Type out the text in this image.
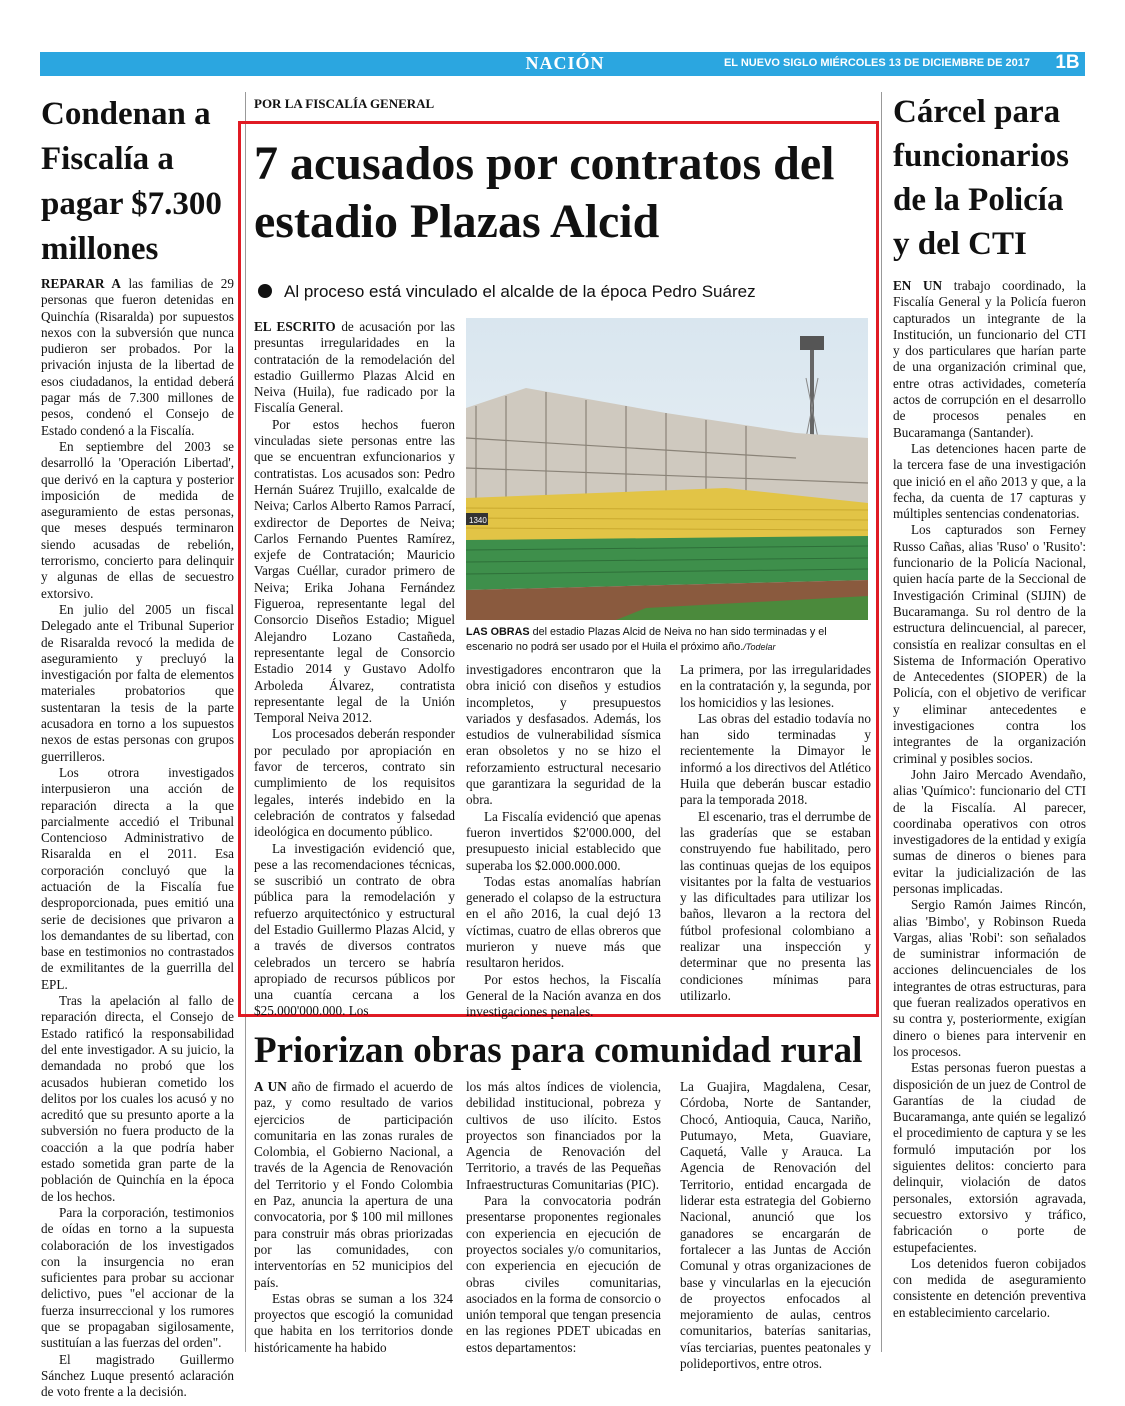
NACIÓN	EL NUEVO SIGLO MIÉRCOLES 13 DE DICIEMBRE DE 2017 1B
Condenan a Fiscalía a pagar $7.300 millones

REPARAR A las familias de 29 personas que fueron detenidas en Quinchía (Risaralda) por supuestos nexos con la subversión que nunca pudieron ser probados. Por la privación injusta de la libertad de esos ciudadanos, la entidad deberá pagar más de 7.300 millones de pesos, condenó el Consejo de Estado condenó a la Fiscalía.

En septiembre del 2003 se desarrolló la 'Operación Libertad', que derivó en la captura y posterior imposición de medida de aseguramiento de estas personas, que meses después terminaron siendo acusadas de rebelión, terrorismo, concierto para delinquir y algunas de ellas de secuestro extorsivo.

En julio del 2005 un fiscal Delegado ante el Tribunal Superior de Risaralda revocó la medida de aseguramiento y precluyó la investigación por falta de elementos materiales probatorios que sustentaran la tesis de la parte acusadora en torno a los supuestos nexos de estas personas con grupos guerrilleros.

Los otrora investigados interpusieron una acción de reparación directa a la que parcialmente accedió el Tribunal Contencioso Administrativo de Risaralda en el 2011. Esa corporación concluyó que la actuación de la Fiscalía fue desproporcionada, pues emitió una serie de decisiones que privaron a los demandantes de su libertad, con base en testimonios no contrastados de exmilitantes de la guerrilla del EPL.

Tras la apelación al fallo de reparación directa, el Consejo de Estado ratificó la responsabilidad del ente investigador. A su juicio, la demandada no probó que los acusados hubieran cometido los delitos por los cuales los acusó y no acreditó que su presunto aporte a la subversión no fuera producto de la coacción a la que podría haber estado sometida gran parte de la población de Quinchía en la época de los hechos.

Para la corporación, testimonios de oídas en torno a la supuesta colaboración de los investigados con la insurgencia no eran suficientes para probar su accionar delictivo, pues "el accionar de la fuerza insurreccional y los rumores que se propagaban sigilosamente, sustituían a las fuerzas del orden".

El magistrado Guillermo Sánchez Luque presentó aclaración de voto frente a la decisión.

POR LA FISCALÍA GENERAL
7 acusados por contratos del estadio Plazas Alcid
Al proceso está vinculado el alcalde de la época Pedro Suárez

EL ESCRITO de acusación por las presuntas irregularidades en la contratación de la remodelación del estadio Guillermo Plazas Alcid en Neiva (Huila), fue radicado por la Fiscalía General.

Por estos hechos fueron vinculadas siete personas entre las que se encuentran exfuncionarios y contratistas. Los acusados son: Pedro Hernán Suárez Trujillo, exalcalde de Neiva; Carlos Alberto Ramos Parrací, exdirector de Deportes de Neiva; Carlos Fernando Puentes Ramírez, exjefe de Contratación; Mauricio Vargas Cuéllar, curador primero de Neiva; Erika Johana Fernández Figueroa, representante legal del Consorcio Diseños Estadio; Miguel Alejandro Lozano Castañeda, representante legal de Consorcio Estadio 2014 y Gustavo Adolfo Arboleda Álvarez, contratista representante legal de la Unión Temporal Neiva 2012.

Los procesados deberán responder por peculado por apropiación en favor de terceros, contrato sin cumplimiento de los requisitos legales, interés indebido en la celebración de contratos y falsedad ideológica en documento público.

La investigación evidenció que, pese a las recomendaciones técnicas, se suscribió un contrato de obra pública para la remodelación y refuerzo arquitectónico y estructural del Estadio Guillermo Plazas Alcid, y a través de diversos contratos celebrados un tercero se habría apropiado de recursos públicos por una cuantía cercana a los $25.000'000.000. Los

investigadores encontraron que la obra inició con diseños y estudios incompletos, y presupuestos variados y desfasados. Además, los estudios de vulnerabilidad sísmica eran obsoletos y no se hizo el reforzamiento estructural necesario que garantizara la seguridad de la obra.

La Fiscalía evidenció que apenas fueron invertidos $2'000.000, del presupuesto inicial establecido que superaba los $2.000.000.000.

Todas estas anomalías habrían generado el colapso de la estructura en el año 2016, la cual dejó 13 víctimas, cuatro de ellas obreros que murieron y nueve más que resultaron heridos.

Por estos hechos, la Fiscalía General de la Nación avanza en dos investigaciones penales.

La primera, por las irregularidades en la contratación y, la segunda, por los homicidios y las lesiones.

Las obras del estadio todavía no han sido terminadas y recientemente la Dimayor le informó a los directivos del Atlético Huila que deberán buscar estadio para la temporada 2018.

El escenario, tras el derrumbe de las graderías que se estaban construyendo fue habilitado, pero las continuas quejas de los equipos visitantes por la falta de vestuarios y las dificultades para utilizar los baños, llevaron a la rectora del fútbol profesional colombiano a realizar una inspección y determinar que no presenta las condiciones mínimas para utilizarlo.

1340
LAS OBRAS del estadio Plazas Alcid de Neiva no han sido terminadas y el escenario no podrá ser usado por el Huila el próximo año./Todelar
Priorizan obras para comunidad rural

A UN año de firmado el acuerdo de paz, y como resultado de varios ejercicios de participación comunitaria en las zonas rurales de Colombia, el Gobierno Nacional, a través de la Agencia de Renovación del Territorio y el Fondo Colombia en Paz, anuncia la apertura de una convocatoria, por $ 100 mil millones para construir más obras priorizadas por las comunidades, con interventorías en 52 municipios del país.

Estas obras se suman a los 324 proyectos que escogió la comunidad que habita en los territorios donde históricamente ha habido

los más altos índices de violencia, debilidad institucional, pobreza y cultivos de uso ilícito. Estos proyectos son financiados por la Agencia de Renovación del Territorio, a través de las Pequeñas Infraestructuras Comunitarias (PIC).

Para la convocatoria podrán presentarse proponentes regionales con experiencia en ejecución de proyectos sociales y/o comunitarios, con experiencia en ejecución de obras civiles comunitarias, asociados en la forma de consorcio o unión temporal que tengan presencia en las regiones PDET ubicadas en estos departamentos:

La Guajira, Magdalena, Cesar, Córdoba, Norte de Santander, Chocó, Antioquia, Cauca, Nariño, Putumayo, Meta, Guaviare, Caquetá, Valle y Arauca. La Agencia de Renovación del Territorio, entidad encargada de liderar esta estrategia del Gobierno Nacional, anunció que los ganadores se encargarán de fortalecer a las Juntas de Acción Comunal y otras organizaciones de base y vincularlas en la ejecución de proyectos enfocados al mejoramiento de aulas, centros comunitarios, baterías sanitarias, vías terciarias, puentes peatonales y polideportivos, entre otros.

Cárcel para funcionarios de la Policía y del CTI

EN UN trabajo coordinado, la Fiscalía General y la Policía fueron capturados un integrante de la Institución, un funcionario del CTI y dos particulares que harían parte de una organización criminal que, entre otras actividades, cometería actos de corrupción en el desarrollo de procesos penales en Bucaramanga (Santander).

Las detenciones hacen parte de la tercera fase de una investigación que inició en el año 2013 y que, a la fecha, da cuenta de 17 capturas y múltiples sentencias condenatorias.

Los capturados son Ferney Russo Cañas, alias 'Ruso' o 'Rusito': funcionario de la Policía Nacional, quien hacía parte de la Seccional de Investigación Criminal (SIJIN) de Bucaramanga. Su rol dentro de la estructura delincuencial, al parecer, consistía en realizar consultas en el Sistema de Información Operativo de Antecedentes (SIOPER) de la Policía, con el objetivo de verificar y eliminar antecedentes e investigaciones contra los integrantes de la organización criminal y posibles socios.

John Jairo Mercado Avendaño, alias 'Químico': funcionario del CTI de la Fiscalía. Al parecer, coordinaba operativos con otros investigadores de la entidad y exigía sumas de dineros o bienes para evitar la judicialización de las personas implicadas.

Sergio Ramón Jaimes Rincón, alias 'Bimbo', y Robinson Rueda Vargas, alias 'Robi': son señalados de suministrar información de acciones delincuenciales de los integrantes de otras estructuras, para que fueran realizados operativos en su contra y, posteriormente, exigían dinero o bienes para intervenir en los procesos.

Estas personas fueron puestas a disposición de un juez de Control de Garantías de la ciudad de Bucaramanga, ante quién se legalizó el procedimiento de captura y se les formuló imputación por los siguientes delitos: concierto para delinquir, violación de datos personales, extorsión agravada, secuestro extorsivo y tráfico, fabricación o porte de estupefacientes.

Los detenidos fueron cobijados con medida de aseguramiento consistente en detención preventiva en establecimiento carcelario.
